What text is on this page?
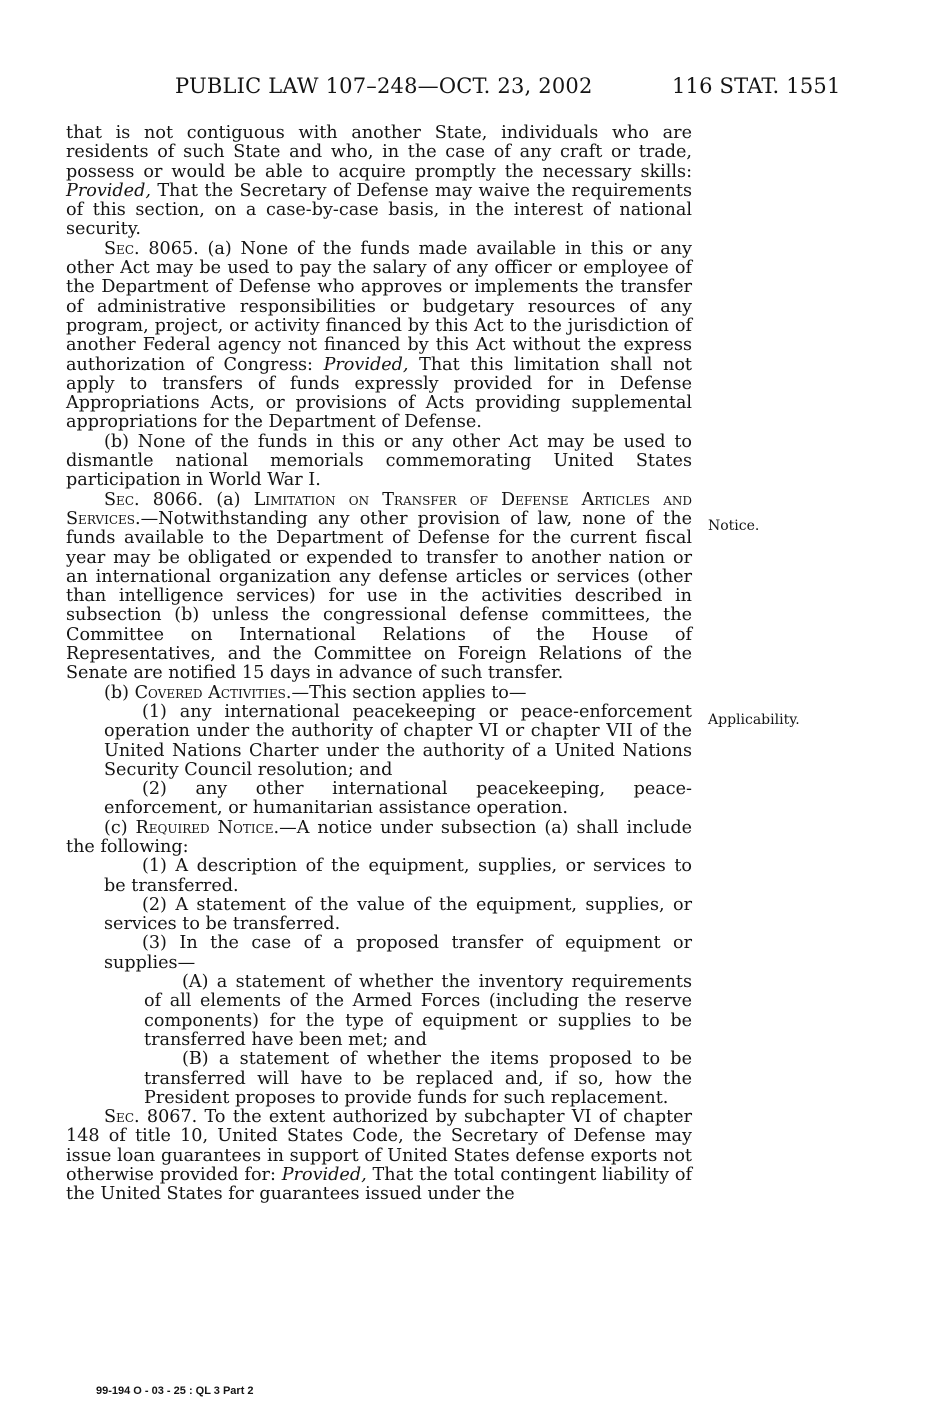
PUBLIC LAW 107–248—OCT. 23, 2002	116 STAT. 1551

that is not contiguous with another State, individuals who are residents of such State and who, in the case of any craft or trade, possess or would be able to acquire promptly the necessary skills: Provided, That the Secretary of Defense may waive the requirements of this section, on a case-by-case basis, in the interest of national security.

Sec. 8065. (a) None of the funds made available in this or any other Act may be used to pay the salary of any officer or employee of the Department of Defense who approves or implements the transfer of administrative responsibilities or budgetary resources of any program, project, or activity financed by this Act to the jurisdiction of another Federal agency not financed by this Act without the express authorization of Congress: Provided, That this limitation shall not apply to transfers of funds expressly provided for in Defense Appropriations Acts, or provisions of Acts providing supplemental appropriations for the Department of Defense.

(b) None of the funds in this or any other Act may be used to dismantle national memorials commemorating United States participation in World War I.

Sec. 8066. (a) Limitation on Transfer of Defense Articles and Services.—Notwithstanding any other provision of law, none of the funds available to the Department of Defense for the current fiscal year may be obligated or expended to transfer to another nation or an international organization any defense articles or services (other than intelligence services) for use in the activities described in subsection (b) unless the congressional defense committees, the Committee on International Relations of the House of Representatives, and the Committee on Foreign Relations of the Senate are notified 15 days in advance of such transfer.

(b) Covered Activities.—This section applies to—

(1) any international peacekeeping or peace-enforcement operation under the authority of chapter VI or chapter VII of the United Nations Charter under the authority of a United Nations Security Council resolution; and

(2) any other international peacekeeping, peace-enforcement, or humanitarian assistance operation.

(c) Required Notice.—A notice under subsection (a) shall include the following:

(1) A description of the equipment, supplies, or services to be transferred.

(2) A statement of the value of the equipment, supplies, or services to be transferred.

(3) In the case of a proposed transfer of equipment or supplies—

(A) a statement of whether the inventory requirements of all elements of the Armed Forces (including the reserve components) for the type of equipment or supplies to be transferred have been met; and

(B) a statement of whether the items proposed to be transferred will have to be replaced and, if so, how the President proposes to provide funds for such replacement.

Sec. 8067. To the extent authorized by subchapter VI of chapter 148 of title 10, United States Code, the Secretary of Defense may issue loan guarantees in support of United States defense exports not otherwise provided for: Provided, That the total contingent liability of the United States for guarantees issued under the

Notice.
Applicability.
99-194 O - 03 - 25 : QL 3 Part 2
